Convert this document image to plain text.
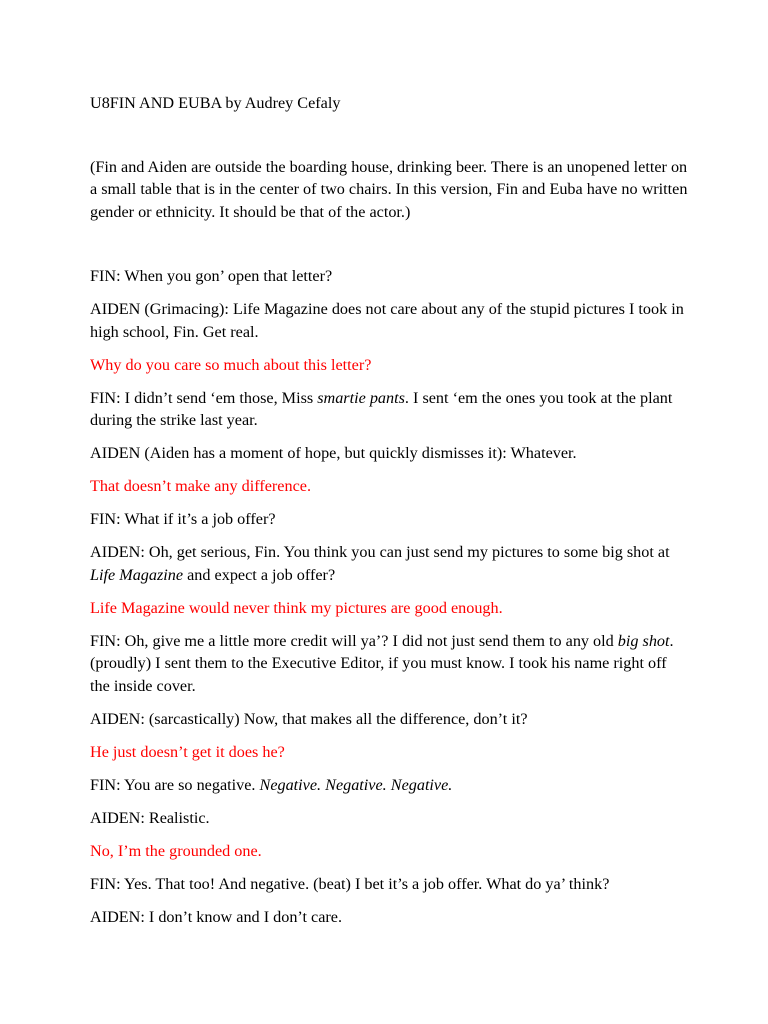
U8FIN AND EUBA by Audrey Cefaly

(Fin and Aiden are outside the boarding house, drinking beer. There is an unopened letter on a small table that is in the center of two chairs. In this version, Fin and Euba have no written gender or ethnicity. It should be that of the actor.)

FIN: When you gon’ open that letter?

AIDEN (Grimacing): Life Magazine does not care about any of the stupid pictures I took in high school, Fin. Get real.

Why do you care so much about this letter?

FIN: I didn’t send ‘em those, Miss smartie pants. I sent ‘em the ones you took at the plant during the strike last year.

AIDEN (Aiden has a moment of hope, but quickly dismisses it): Whatever.

That doesn’t make any difference.

FIN: What if it’s a job offer?

AIDEN: Oh, get serious, Fin. You think you can just send my pictures to some big shot at Life Magazine and expect a job offer?

Life Magazine would never think my pictures are good enough.

FIN: Oh, give me a little more credit will ya’? I did not just send them to any old big shot. (proudly) I sent them to the Executive Editor, if you must know. I took his name right off the inside cover.

AIDEN: (sarcastically) Now, that makes all the difference, don’t it?

He just doesn’t get it does he?

FIN: You are so negative. Negative. Negative. Negative.

AIDEN: Realistic.

No, I’m the grounded one.

FIN: Yes. That too! And negative. (beat) I bet it’s a job offer. What do ya’ think?

AIDEN: I don’t know and I don’t care.
